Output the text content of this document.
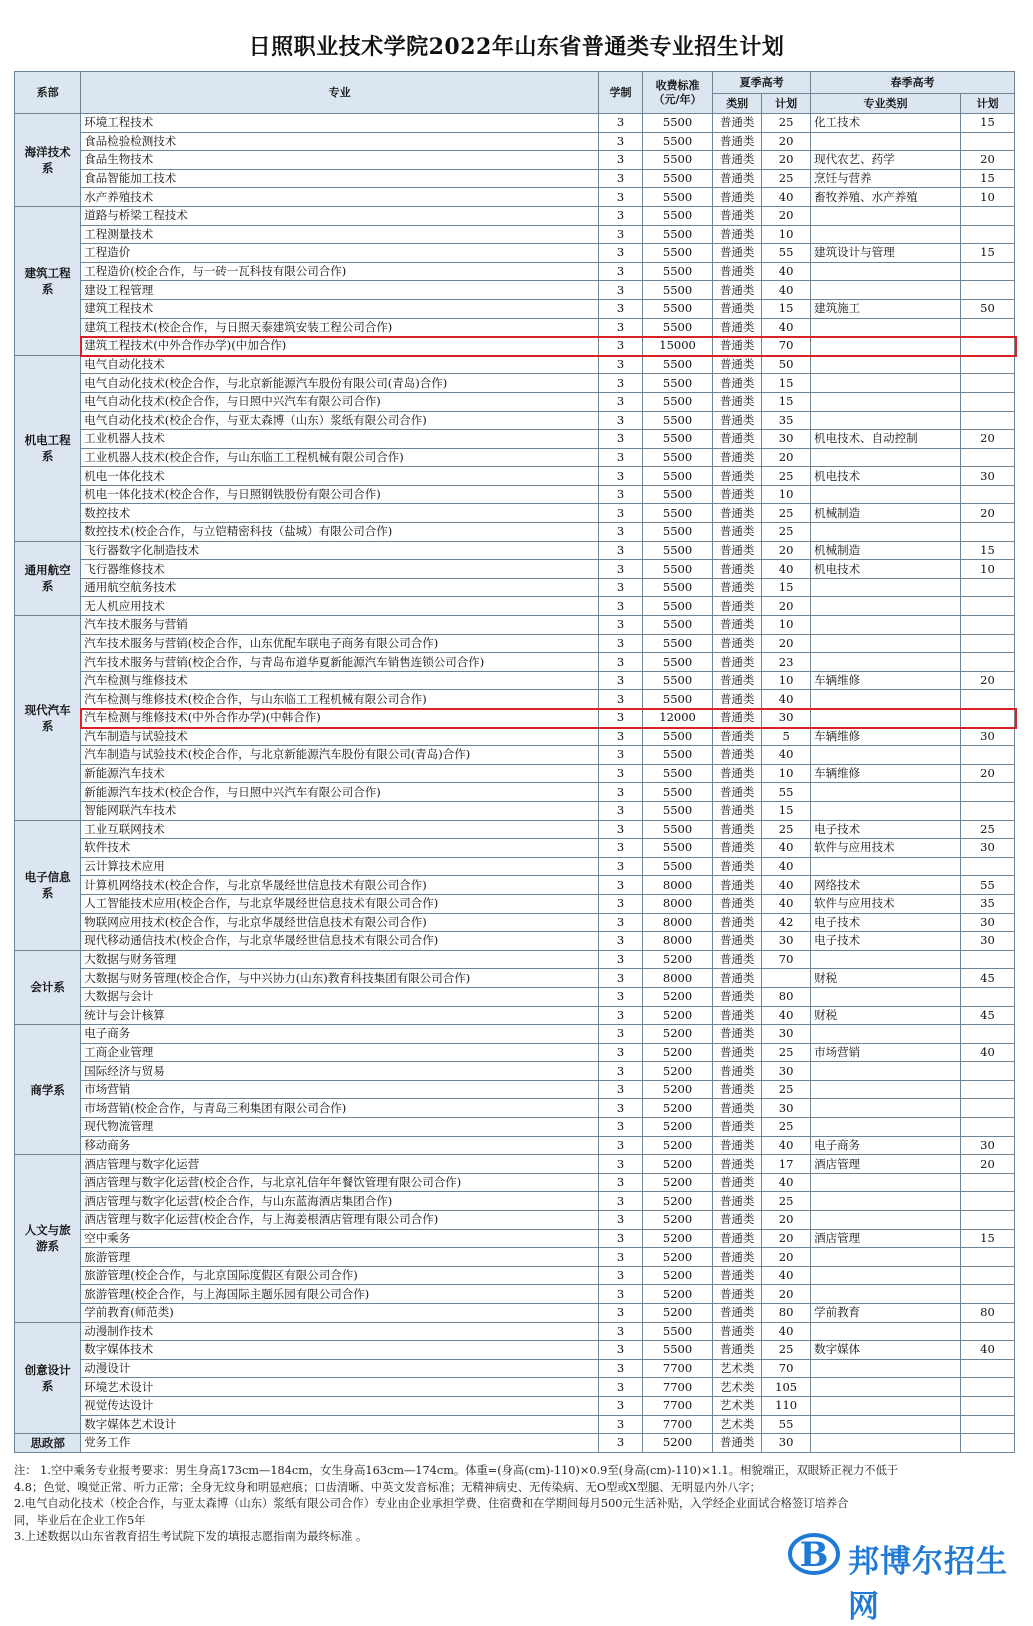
日照职业技术学院2022年山东省普通类专业招生计划
系部	专业	学制	收费标准（元/年）	夏季高考		春季高考	
				类别	计划	专业类别	计划
海洋技术系	环境工程技术	3	5500	普通类	25	化工技术	15
	食品检验检测技术	3	5500	普通类	20		
	食品生物技术	3	5500	普通类	20	现代农艺、药学	20
	食品智能加工技术	3	5500	普通类	25	烹饪与营养	15
	水产养殖技术	3	5500	普通类	40	畜牧养殖、水产养殖	10
建筑工程系	道路与桥梁工程技术	3	5500	普通类	20		
	工程测量技术	3	5500	普通类	10		
	工程造价	3	5500	普通类	55	建筑设计与管理	15
	工程造价(校企合作，与一砖一瓦科技有限公司合作)	3	5500	普通类	40		
	建设工程管理	3	5500	普通类	40		
	建筑工程技术	3	5500	普通类	15	建筑施工	50
	建筑工程技术(校企合作，与日照天泰建筑安装工程公司合作)	3	5500	普通类	40		
	建筑工程技术(中外合作办学)(中加合作)	3	15000	普通类	70		
机电工程系	电气自动化技术	3	5500	普通类	50		
	电气自动化技术(校企合作，与北京新能源汽车股份有限公司(青岛)合作)	3	5500	普通类	15		
	电气自动化技术(校企合作，与日照中兴汽车有限公司合作)	3	5500	普通类	15		
	电气自动化技术(校企合作，与亚太森博（山东）浆纸有限公司合作)	3	5500	普通类	35		
	工业机器人技术	3	5500	普通类	30	机电技术、自动控制	20
	工业机器人技术(校企合作，与山东临工工程机械有限公司合作)	3	5500	普通类	20		
	机电一体化技术	3	5500	普通类	25	机电技术	30
	机电一体化技术(校企合作，与日照钢铁股份有限公司合作)	3	5500	普通类	10		
	数控技术	3	5500	普通类	25	机械制造	20
	数控技术(校企合作，与立铠精密科技（盐城）有限公司合作)	3	5500	普通类	25		
通用航空系	飞行器数字化制造技术	3	5500	普通类	20	机械制造	15
	飞行器维修技术	3	5500	普通类	40	机电技术	10
	通用航空航务技术	3	5500	普通类	15		
	无人机应用技术	3	5500	普通类	20		
现代汽车系	汽车技术服务与营销	3	5500	普通类	10		
	汽车技术服务与营销(校企合作，山东优配车联电子商务有限公司合作)	3	5500	普通类	20		
	汽车技术服务与营销(校企合作，与青岛布道华夏新能源汽车销售连锁公司合作)	3	5500	普通类	23		
	汽车检测与维修技术	3	5500	普通类	10	车辆维修	20
	汽车检测与维修技术(校企合作，与山东临工工程机械有限公司合作)	3	5500	普通类	40		
	汽车检测与维修技术(中外合作办学)(中韩合作)	3	12000	普通类	30		
	汽车制造与试验技术	3	5500	普通类	5	车辆维修	30
	汽车制造与试验技术(校企合作，与北京新能源汽车股份有限公司(青岛)合作)	3	5500	普通类	40		
	新能源汽车技术	3	5500	普通类	10	车辆维修	20
	新能源汽车技术(校企合作，与日照中兴汽车有限公司合作)	3	5500	普通类	55		
	智能网联汽车技术	3	5500	普通类	15		
电子信息系	工业互联网技术	3	5500	普通类	25	电子技术	25
	软件技术	3	5500	普通类	40	软件与应用技术	30
	云计算技术应用	3	5500	普通类	40		
	计算机网络技术(校企合作，与北京华晟经世信息技术有限公司合作)	3	8000	普通类	40	网络技术	55
	人工智能技术应用(校企合作，与北京华晟经世信息技术有限公司合作)	3	8000	普通类	40	软件与应用技术	35
	物联网应用技术(校企合作，与北京华晟经世信息技术有限公司合作)	3	8000	普通类	42	电子技术	30
	现代移动通信技术(校企合作，与北京华晟经世信息技术有限公司合作)	3	8000	普通类	30	电子技术	30
会计系	大数据与财务管理	3	5200	普通类	70		
	大数据与财务管理(校企合作，与中兴协力(山东)教育科技集团有限公司合作)	3	8000	普通类		财税	45
	大数据与会计	3	5200	普通类	80		
	统计与会计核算	3	5200	普通类	40	财税	45
商学系	电子商务	3	5200	普通类	30		
	工商企业管理	3	5200	普通类	25	市场营销	40
	国际经济与贸易	3	5200	普通类	30		
	市场营销	3	5200	普通类	25		
	市场营销(校企合作，与青岛三利集团有限公司合作)	3	5200	普通类	30		
	现代物流管理	3	5200	普通类	25		
	移动商务	3	5200	普通类	40	电子商务	30
人文与旅游系	酒店管理与数字化运营	3	5200	普通类	17	酒店管理	20
	酒店管理与数字化运营(校企合作，与北京礼信年年餐饮管理有限公司合作)	3	5200	普通类	40		
	酒店管理与数字化运营(校企合作，与山东蓝海酒店集团合作)	3	5200	普通类	25		
	酒店管理与数字化运营(校企合作，与上海姜根酒店管理有限公司合作)	3	5200	普通类	20		
	空中乘务	3	5200	普通类	20	酒店管理	15
	旅游管理	3	5200	普通类	20		
	旅游管理(校企合作，与北京国际度假区有限公司合作)	3	5200	普通类	40		
	旅游管理(校企合作，与上海国际主题乐园有限公司合作)	3	5200	普通类	20		
	学前教育(师范类)	3	5200	普通类	80	学前教育	80
创意设计系	动漫制作技术	3	5500	普通类	40		
	数字媒体技术	3	5500	普通类	25	数字媒体	40
	动漫设计	3	7700	艺术类	70		
	环境艺术设计	3	7700	艺术类	105		
	视觉传达设计	3	7700	艺术类	110		
	数字媒体艺术设计	3	7700	艺术类	55		
思政部	党务工作	3	5200	普通类	30		

注： 1.空中乘务专业报考要求：男生身高173cm—184cm，女生身高163cm—174cm。体重=(身高(cm)-110)×0.9至(身高(cm)-110)×1.1。相貌端正，双眼矫正视力不低于

4.8；色觉、嗅觉正常、听力正常；全身无纹身和明显疤痕；口齿清晰、中英文发音标准；无精神病史、无传染病、无O型或X型腿、无明显内外八字；

2.电气自动化技术（校企合作，与亚太森博（山东）浆纸有限公司合作）专业由企业承担学费、住宿费和在学期间每月500元生活补贴，入学经企业面试合格签订培养合

同，毕业后在企业工作5年

3.上述数据以山东省教育招生考试院下发的填报志愿指南为最终标准 。	B 邦博尔招生网
